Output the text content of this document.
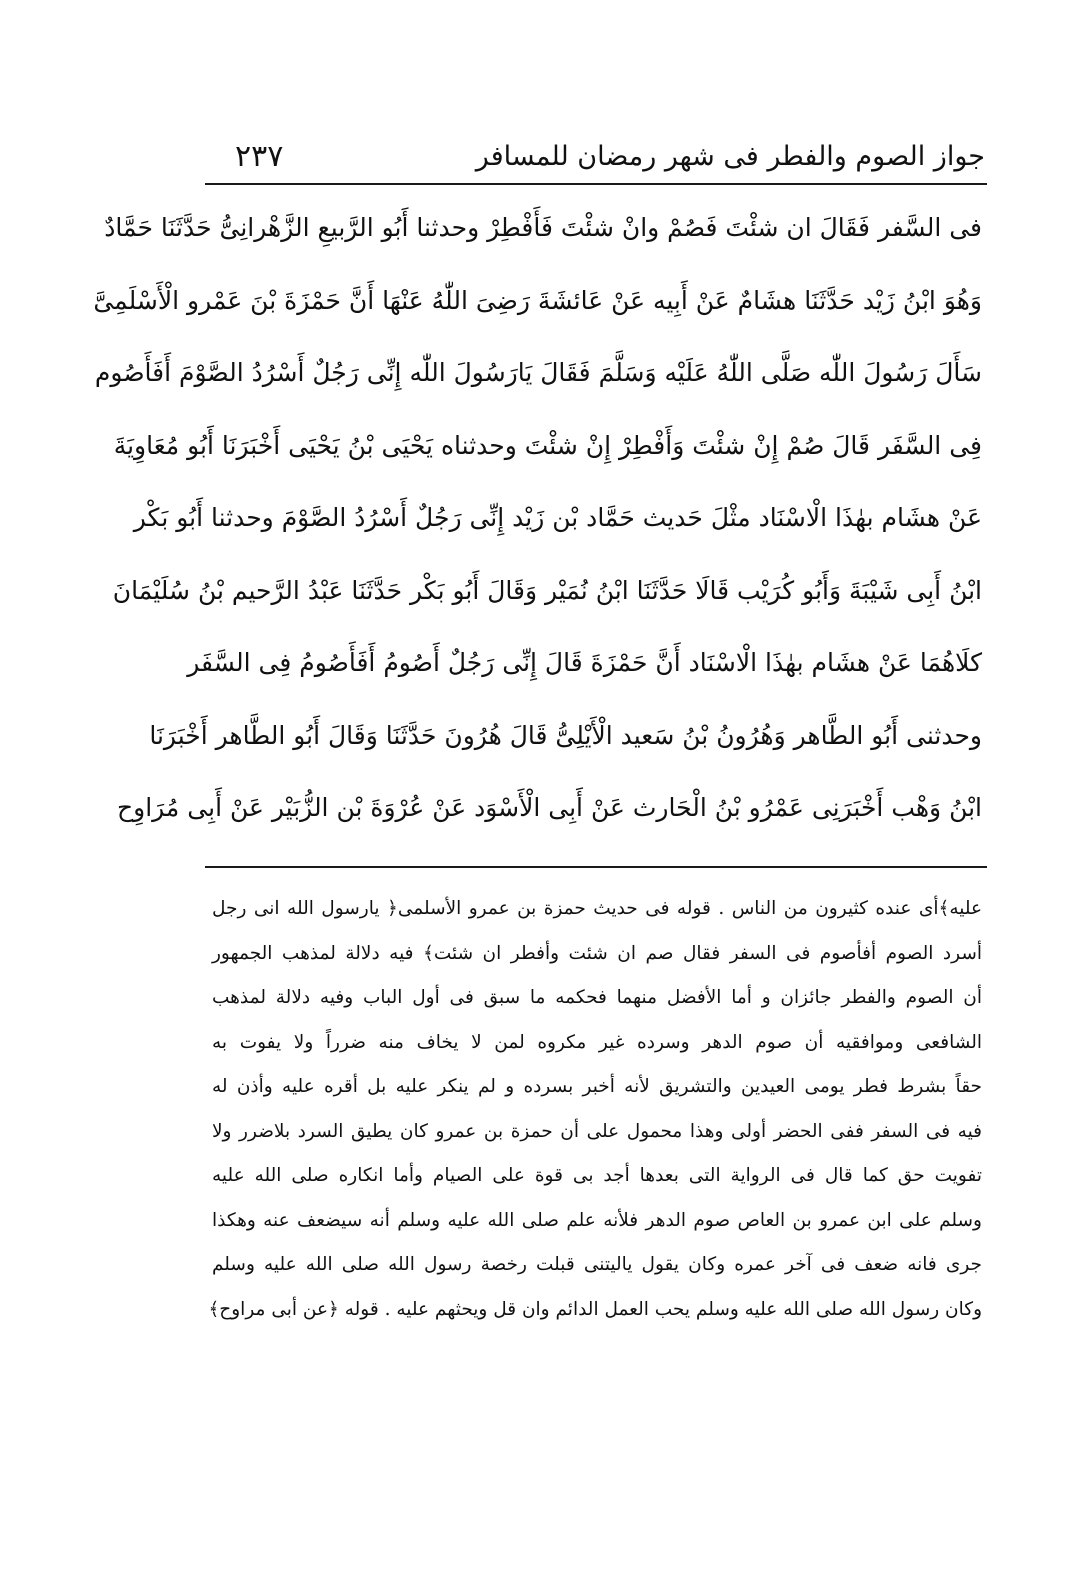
٢٣٧	جواز الصوم والفطر فى شهر رمضان للمسافر
فى السَّفر فَقَالَ ان شئْتَ فَصُمْ وانْ شئْتَ فَأَفْطِرْ وحدثنا أَبُو الرَّبيعِ الزَّهْرانِىُّ حَدَّثَنَا حَمَّادٌ
وَهُوَ ابْنُ زَيْد حَدَّثَنَا هشَامٌ عَنْ أَبِيه عَنْ عَائشَةَ رَضِىَ اللّٰهُ عَنْهَا أَنَّ حَمْزَةَ بْنَ عَمْرو الْأَسْلَمِىَّ
سَأَلَ رَسُولَ اللّٰه صَلَّى اللّٰهُ عَلَيْه وَسَلَّمَ فَقَالَ يَارَسُولَ اللّٰه إِنِّى رَجُلٌ أَسْرُدُ الصَّوْمَ أَفَأَصُوم
فِى السَّفَر قَالَ صُمْ إِنْ شئْتَ وَأَفْطِرْ إِنْ شئْتَ وحدثناه يَحْيَى بْنُ يَحْيَى أَخْبَرَنَا أَبُو مُعَاوِيَةَ
عَنْ هشَام بهٰذَا الْاسْنَاد مثْلَ حَديث حَمَّاد بْن زَيْد إِنِّى رَجُلٌ أَسْرُدُ الصَّوْمَ وحدثنا أَبُو بَكْر
ابْنُ أَبِى شَيْبَةَ وَأَبُو كُرَيْب قَالَا حَدَّثَنَا ابْنُ نُمَيْر وَقَالَ أَبُو بَكْر حَدَّثَنَا عَبْدُ الرَّحيم بْنُ سُلَيْمَانَ
كلَاهُمَا عَنْ هشَام بهٰذَا الْاسْنَاد أَنَّ حَمْزَةَ قَالَ إِنِّى رَجُلٌ أَصُومُ أَفَأَصُومُ فِى السَّفَر
وحدثنى أَبُو الطَّاهر وَهُرُونُ بْنُ سَعيد الْأَيْلِىُّ قَالَ هُرُونَ حَدَّثَنَا وَقَالَ أَبُو الطَّاهر أَخْبَرَنَا
ابْنُ وَهْب أَخْبَرَنِى عَمْرُو بْنُ الْحَارث عَنْ أَبِى الْأَسْوَد عَنْ عُرْوَةَ بْن الزُّبَيْر عَنْ أَبِى مُرَاوِح
عليه﴾أى عنده كثيرون من الناس . قوله فى حديث حمزة بن عمرو الأسلمى﴿ يارسول الله انى رجل
أسرد الصوم أفأصوم فى السفر فقال صم ان شئت وأفطر ان شئت﴾ فيه دلالة لمذهب الجمهور
أن الصوم والفطر جائزان و أما الأفضل منهما فحكمه ما سبق فى أول الباب وفيه دلالة لمذهب
الشافعى وموافقيه أن صوم الدهر وسرده غير مكروه لمن لا يخاف منه ضرراً ولا يفوت به
حقاً بشرط فطر يومى العيدين والتشريق لأنه أخبر بسرده و لم ينكر عليه بل أقره عليه وأذن له
فيه فى السفر ففى الحضر أولى وهذا محمول على أن حمزة بن عمرو كان يطيق السرد بلاضرر ولا
تفويت حق كما قال فى الرواية التى بعدها أجد بى قوة على الصيام وأما انكاره صلى الله عليه
وسلم على ابن عمرو بن العاص صوم الدهر فلأنه علم صلى الله عليه وسلم أنه سيضعف عنه وهكذا
جرى فانه ضعف فى آخر عمره وكان يقول ياليتنى قبلت رخصة رسول الله صلى الله عليه وسلم
وكان رسول الله صلى الله عليه وسلم يحب العمل الدائم وان قل ويحثهم عليه . قوله ﴿عن أبى مراوح﴾
